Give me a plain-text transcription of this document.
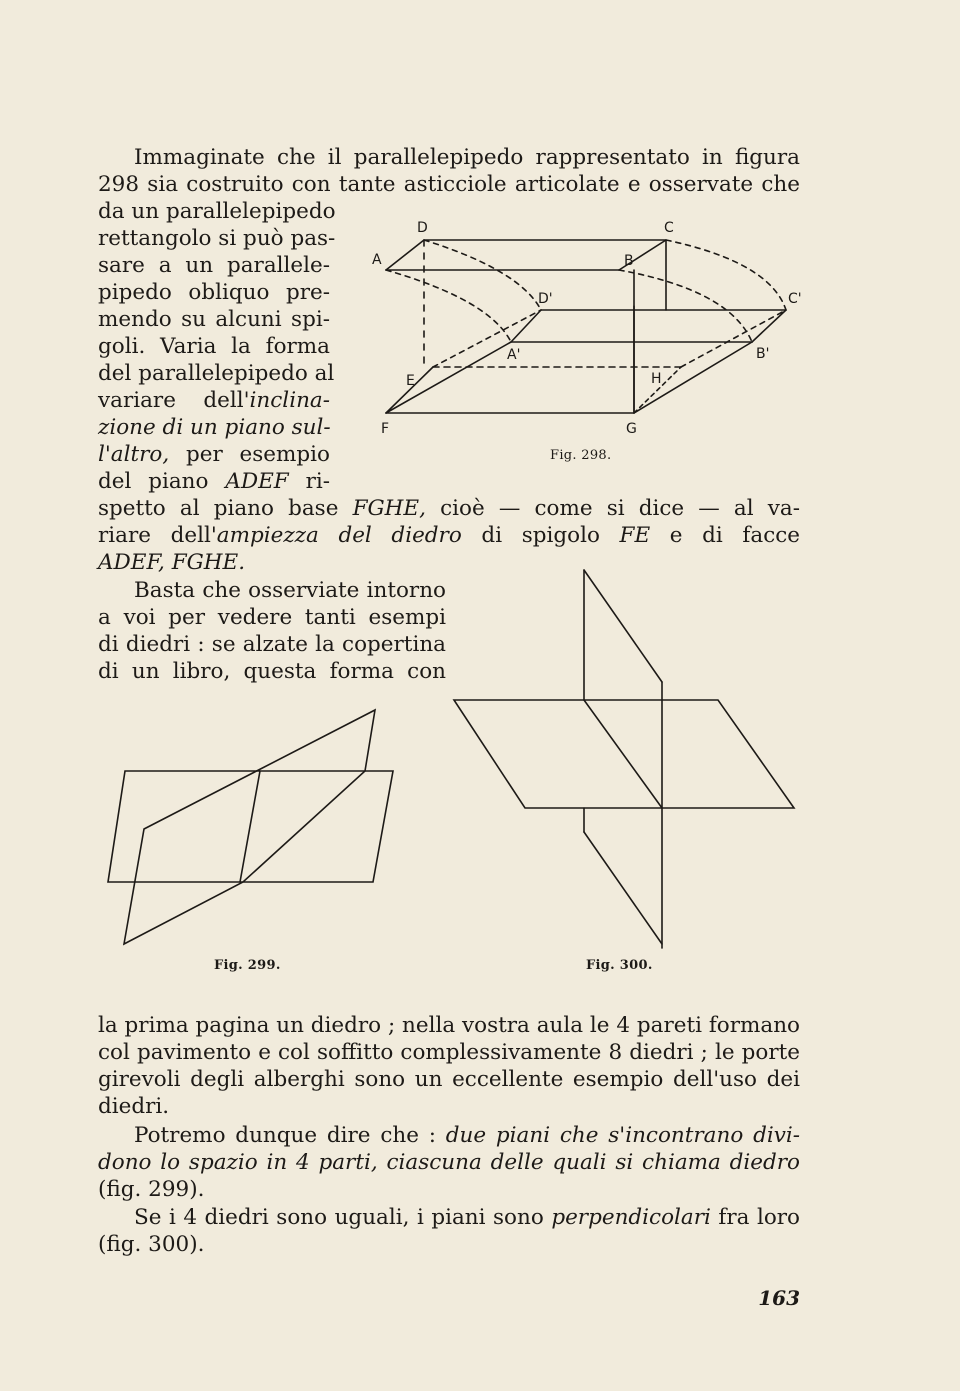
Immaginate che il parallelepipedo rappresentato in figura
298 sia costruito con tante asticciole articolate e osservate che
da un parallelepipedo
rettangolo si può pas-
sare a un parallele-
pipedo obliquo pre-
mendo su alcuni spi-
goli. Varia la forma
del parallelepipedo al
variare dell'inclina-
zione di un piano sul-
l'altro, per esempio
del piano ADEF ri-
spetto al piano base FGHE, cioè — come si dice — al va-
riare dell'ampiezza del diedro di spigolo FE e di facce
ADEF, FGHE.
Basta che osserviate intorno
a voi per vedere tanti esempi
di diedri : se alzate la copertina
di un libro, questa forma con
la prima pagina un diedro ; nella vostra aula le 4 pareti formano
col pavimento e col soffitto complessivamente 8 diedri ; le porte
girevoli degli alberghi sono un eccellente esempio dell'uso dei
diedri.
Potremo dunque dire che : due piani che s'incontrano divi-
dono lo spazio in 4 parti, ciascuna delle quali si chiama diedro
(fig. 299).
Se i 4 diedri sono uguali, i piani sono perpendicolari fra loro
(fig. 300).
D	C
A	B
D'	C'
A'	B'
E	H
F	G
Fig. 298.
Fig. 299.	Fig. 300.
163
